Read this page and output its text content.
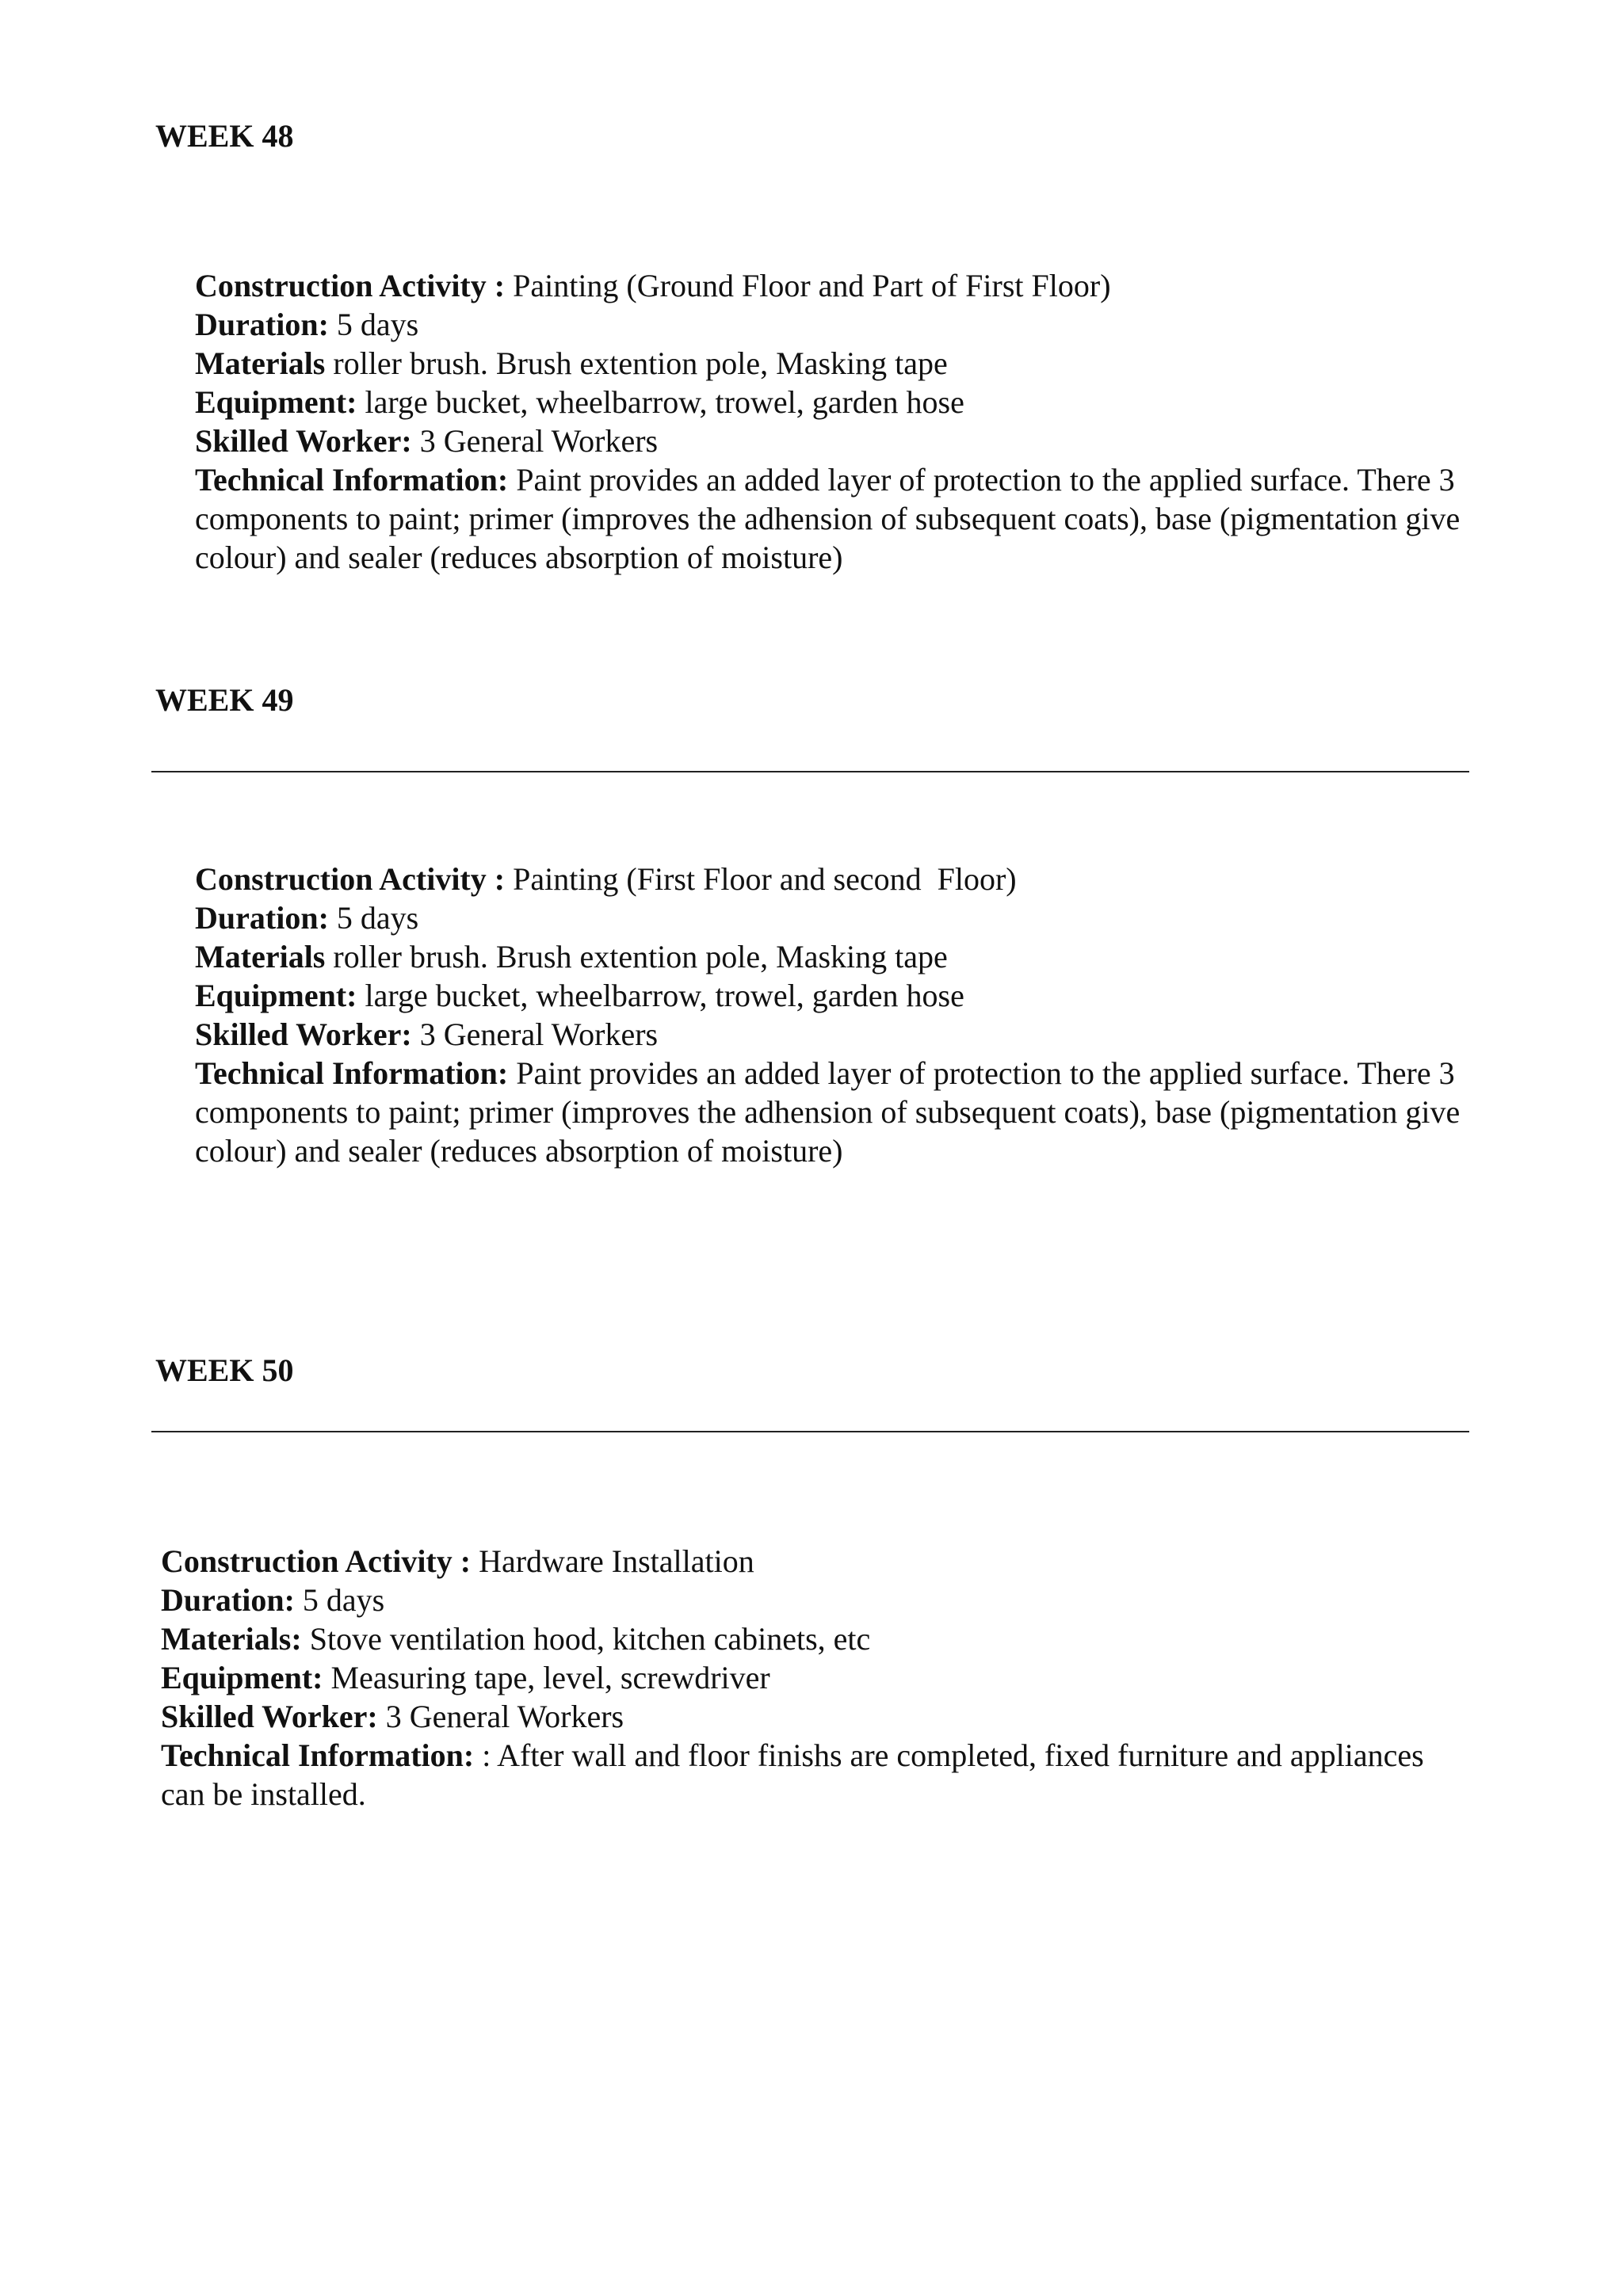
WEEK 48
Construction Activity : Painting (Ground Floor and Part of First Floor)
Duration: 5 days
Materials roller brush. Brush extention pole, Masking tape
Equipment: large bucket, wheelbarrow, trowel, garden hose
Skilled Worker: 3 General Workers
Technical Information: Paint provides an added layer of protection to the applied surface. There 3 components to paint; primer (improves the adhension of subsequent coats), base (pigmentation give colour) and sealer (reduces absorption of moisture)
WEEK 49
Construction Activity : Painting (First Floor and second  Floor)
Duration: 5 days
Materials roller brush. Brush extention pole, Masking tape
Equipment: large bucket, wheelbarrow, trowel, garden hose
Skilled Worker: 3 General Workers
Technical Information: Paint provides an added layer of protection to the applied surface. There 3 components to paint; primer (improves the adhension of subsequent coats), base (pigmentation give colour) and sealer (reduces absorption of moisture)
WEEK 50
Construction Activity : Hardware Installation
Duration: 5 days
Materials: Stove ventilation hood, kitchen cabinets, etc
Equipment: Measuring tape, level, screwdriver
Skilled Worker: 3 General Workers
Technical Information: : After wall and floor finishs are completed, fixed furniture and appliances can be installed.
